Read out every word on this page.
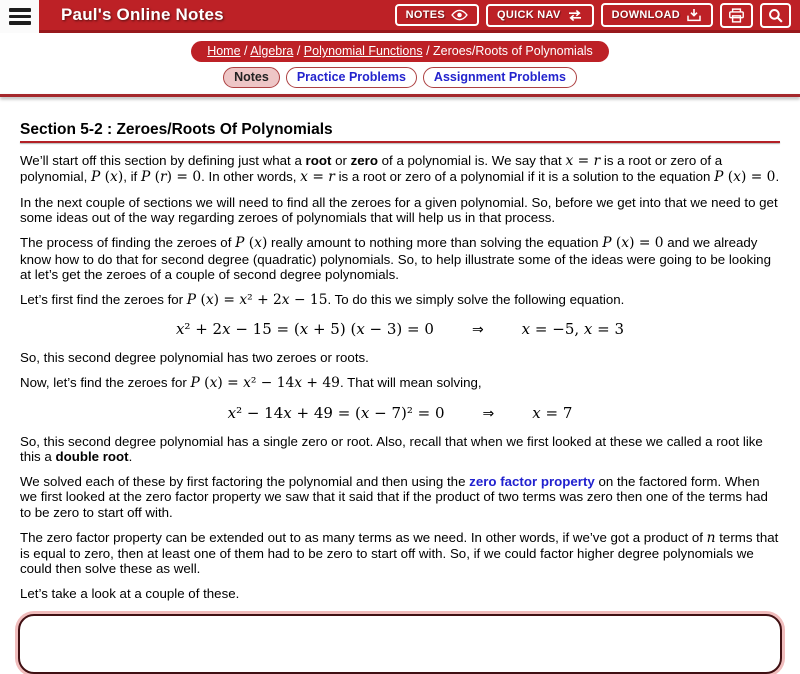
Paul's Online Notes	NOTES	QUICK NAV	DOWNLOAD
Home / Algebra / Polynomial Functions / Zeroes/Roots of Polynomials
Notes	Practice Problems	Assignment Problems
Section 5-2 : Zeroes/Roots Of Polynomials

We’ll start off this section by defining just what a root or zero of a polynomial is. We say that x = r is a root or zero of a polynomial, P (x), if P (r) = 0. In other words, x = r is a root or zero of a polynomial if it is a solution to the equation P (x) = 0.

In the next couple of sections we will need to find all the zeroes for a given polynomial. So, before we get into that we need to get some ideas out of the way regarding zeroes of polynomials that will help us in that process.

The process of finding the zeroes of P (x) really amount to nothing more than solving the equation P (x) = 0 and we already know how to do that for second degree (quadratic) polynomials. So, to help illustrate some of the ideas were going to be looking at let’s get the zeroes of a couple of second degree polynomials.

Let’s first find the zeroes for P (x) = x² + 2x − 15. To do this we simply solve the following equation.

x² + 2x − 15 = (x + 5) (x − 3) = 0	⇒	x = −5, x = 3

So, this second degree polynomial has two zeroes or roots.

Now, let’s find the zeroes for P (x) = x² − 14x + 49. That will mean solving,

x² − 14x + 49 = (x − 7)² = 0	⇒	x = 7

So, this second degree polynomial has a single zero or root. Also, recall that when we first looked at these we called a root like this a double root.

We solved each of these by first factoring the polynomial and then using the zero factor property on the factored form. When we first looked at the zero factor property we saw that it said that if the product of two terms was zero then one of the terms had to be zero to start off with.

The zero factor property can be extended out to as many terms as we need. In other words, if we’ve got a product of n terms that is equal to zero, then at least one of them had to be zero to start off with. So, if we could factor higher degree polynomials we could then solve these as well.

Let’s take a look at a couple of these.
